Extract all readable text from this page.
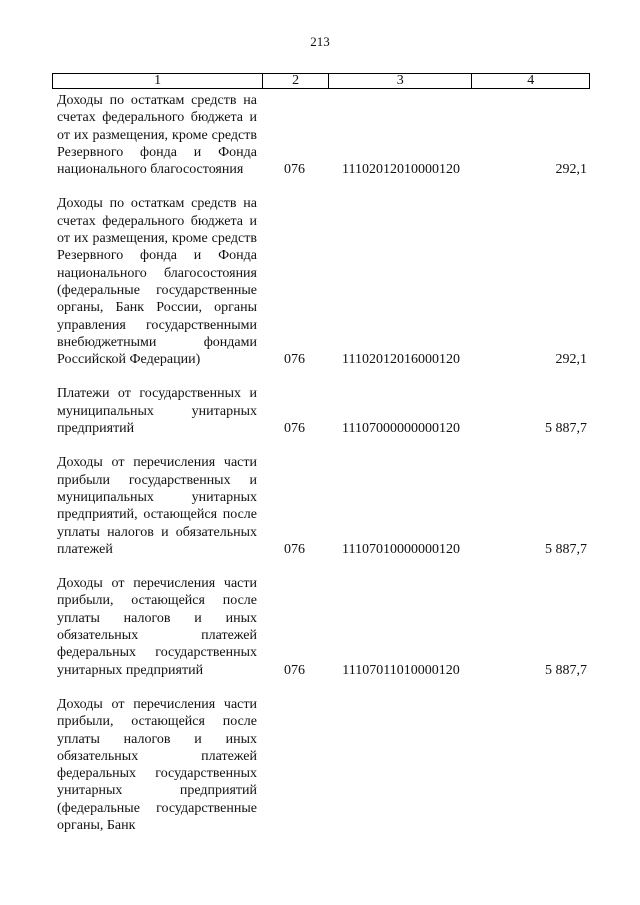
213
1	2	3	4
Доходы по остаткам средств на счетах федерального бюджета и от их размещения, кроме средств Резервного фонда и Фонда национального благосостояния	076	11102012010000120	292,1
Доходы по остаткам средств на счетах федерального бюджета и от их размещения, кроме средств Резервного фонда и Фонда национального благосостояния (федеральные государственные органы, Банк России, органы управления государственными внебюджетными фондами Российской Федерации)	076	11102012016000120	292,1
Платежи от государственных и муниципальных унитарных предприятий	076	11107000000000120	5 887,7
Доходы от перечисления части прибыли государственных и муниципальных унитарных предприятий, остающейся после уплаты налогов и обязательных платежей	076	11107010000000120	5 887,7
Доходы от перечисления части прибыли, остающейся после уплаты налогов и иных обязательных платежей федеральных государственных унитарных предприятий	076	11107011010000120	5 887,7
Доходы от перечисления части прибыли, остающейся после уплаты налогов и иных обязательных платежей федеральных государственных унитарных предприятий (федеральные государственные органы, Банк
